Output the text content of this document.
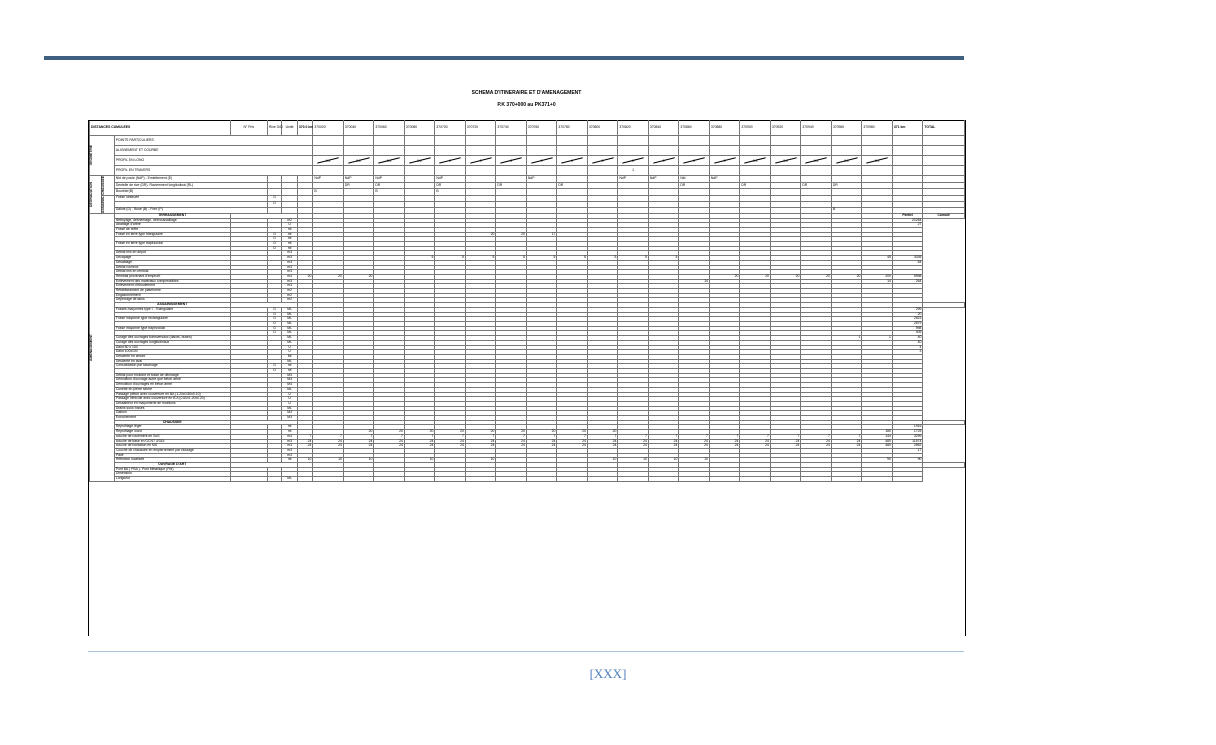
SCHEMA D'ITINERAIRE ET D'AMENAGEMENT
P.K 370+000 au PK371+0
DISTANCES CUMULEES			N° Prix	Rive G/D	Unité	370.0 km	370020	370040	370060	370080	370700	370720	370740	370760	370780	370800	370820	370840	370860	370880	370900	370920	370940	370960	370980	371 km	TOTAL

GEOMETRIE		POINTS PARTICULIERS																									
		ALIGNEMENT ET COURBE																									
		PROFIL EN LONG					0.2	0.2	0.2	0.2	0	0	0	0	0	0	0	0	0	0	0.2	0.2	0.2	0.2	0.2		

		PROFIL EN TRAVERS															1										

DEGRADATION	CHAUSSEE	Nid de poule (NdP) - Emiettement (E)					NdP	NdP	NdP		NdP			NdP			NdP	NdP	Nid	NdP							
		Dentelle de rive (DR)- Ravinement longitudinal (RL)						DR	DR		DR		DR		DR				DR		DR		DR	DR			
		Bourbier(B)					B		B		B																

	ASSAINIS.	Fosse obstruée		G																							
				D																							
		Dalots (D) - Buse (B) - Pont (P)																						B			

AMENAGEMENT		TERRASSEMENT																								Partiel	Cumulé
		Nettoyage, désherbage, débroussaillage			m2																					20284	
		Abattage d'arbre			U																					27	
		Fossé de crête			ml																						
		Fossé en terre type triangulaire		G	ml							20	20	17													
				D	ml																						
		Fossé en terre type trapézoïdal		G	ml																						
				D	ml																						
		Déblai mis en dépôt			m3																						
		Décapage			m3					5	5	5	5	5	5	5	5	5							45	3035	
		Désablage			m3																					64	
		Déblai rocheux			m3																						
		Déblai mis en remblai			m3																						
		Remblai provenant d'emprunt			m3	20	20	20												20	20	20	20	20	200	5998	
		Enlèvement des matériaux compressibles			m3														14						14	264	
		Enlèvement d'éboulement			m3																						
		Rétablissement de plateforme			m2																						
		Engazonnement			m2																						
		Déperrage de talus			m2																						
		ASSAINISSEMENT																									
		Fossés maçonnés type I - Triangulaire		G	ML																					299	
				G	ML																					20	
		Fossé maçonné type rectangulaire		G	ML																					2823	
				D	ML																					2879	
		Fossé maçonné type trapézoïdal		G	ML																					998	
				D	ML																					405	
		Curage des ouvrages transversaux (dalots, buses)			ML																			1	1	40	
		Curage des ouvrages longitudinaux			ML																					40	
		Dalot 80 x 100			U																					4	
		Dalot 100x100			U																					3	
		Descente en amont			Ml																						
		Descente en aval			ML																						
		Consolidation par fascinage		G	ml																						
				D	ml																						
		Déblai pour exutoire et fosse de déchargé			M3																						
		Démolition d'ouvrage autre que béton armé			M3																						
		Démolition d'ouvrages en béton armé			M3																						
		Cunette en pierre sèche			ML																						
		Passage piéton avec couverture en BA (1.20x0.80x0.10)			U																						
		Passage véhicule avec couverture en B.A (0.60x1.20x0.20)			U																						
		Dessableur en maçonnerie de moellons			U																						
		Drains sous fossés			ML																						
		Gabion			M3																						
		Enrochement			M3																						
		CHAUSSEE																									
		Reprofilage léger			ml																					1916	
		Reprofilage lourd			ml			20	20	20	20	20	20	20	20	20									180	1725	
		couche de roulement en SoS			m3	7	7	7	7	7	7	7	7	7	7	7	7	7	7	7	7	7	7	7	144	3299	
		couche de base en GCNT 0/315			m3	24	24	24	24	24	24	24	24	24	24	24	24	24	24	24	24	24	24	24	480	11674	
		couche de fondation en MS			m3	24	24	24	24	24	24	24	24	24	24	24	24	24	24	24	24	24	24	24	480	2852	
		Couche de chaussée en empierrement par cloutage			m3																					17	
		Pavé			m3																						
		Réfection localisée			ml	10	10	10		10		10				10	10	10	10						90	90	
		OUVRAGE D'ART																									
		Pont BA ( PBA )- Pont Métallique (PM)																									
		Dimension																									
		Longueur			ML																						
[XXX]
